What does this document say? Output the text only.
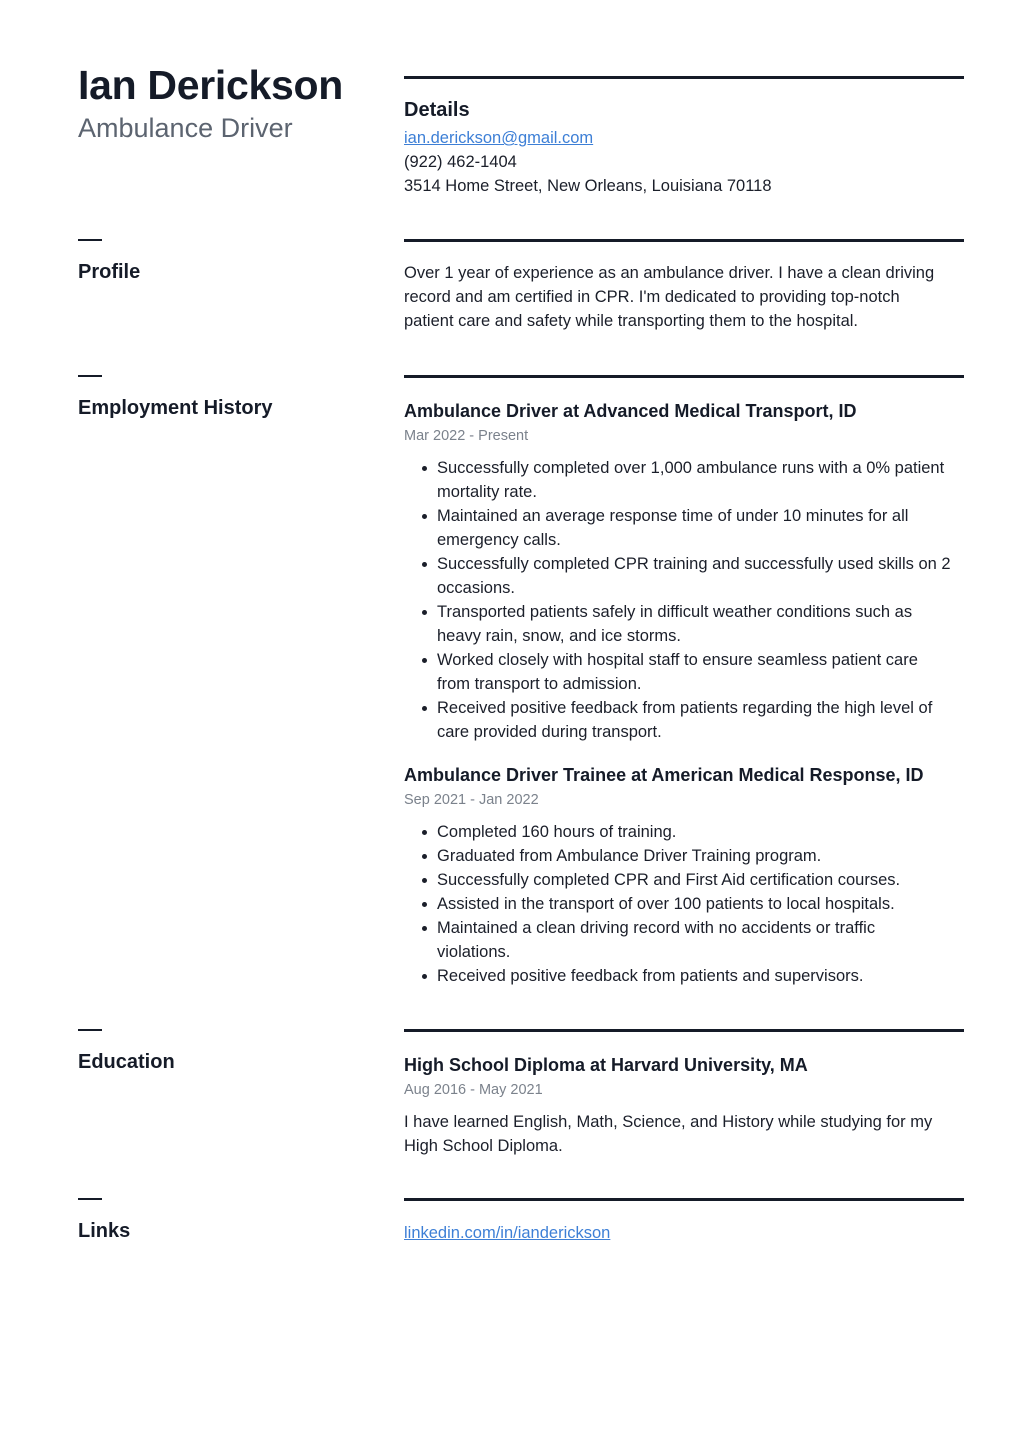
Ian Derickson
Ambulance Driver
Details
ian.derickson@gmail.com
(922) 462-1404
3514 Home Street, New Orleans, Louisiana 70118
Profile	Over 1 year of experience as an ambulance driver. I have a clean driving
record and am certified in CPR. I'm dedicated to providing top-notch
patient care and safety while transporting them to the hospital.
Employment History	Ambulance Driver at Advanced Medical Transport, ID
Mar 2022 - Present
Successfully completed over 1,000 ambulance runs with a 0% patient
mortality rate.
Maintained an average response time of under 10 minutes for all
emergency calls.
Successfully completed CPR training and successfully used skills on 2
occasions.
Transported patients safely in difficult weather conditions such as
heavy rain, snow, and ice storms.
Worked closely with hospital staff to ensure seamless patient care
from transport to admission.
Received positive feedback from patients regarding the high level of
care provided during transport.
Ambulance Driver Trainee at American Medical Response, ID
Sep 2021 - Jan 2022
Completed 160 hours of training.
Graduated from Ambulance Driver Training program.
Successfully completed CPR and First Aid certification courses.
Assisted in the transport of over 100 patients to local hospitals.
Maintained a clean driving record with no accidents or traffic
violations.
Received positive feedback from patients and supervisors.
Education	High School Diploma at Harvard University, MA
Aug 2016 - May 2021
I have learned English, Math, Science, and History while studying for my
High School Diploma.
Links	linkedin.com/in/ianderickson
